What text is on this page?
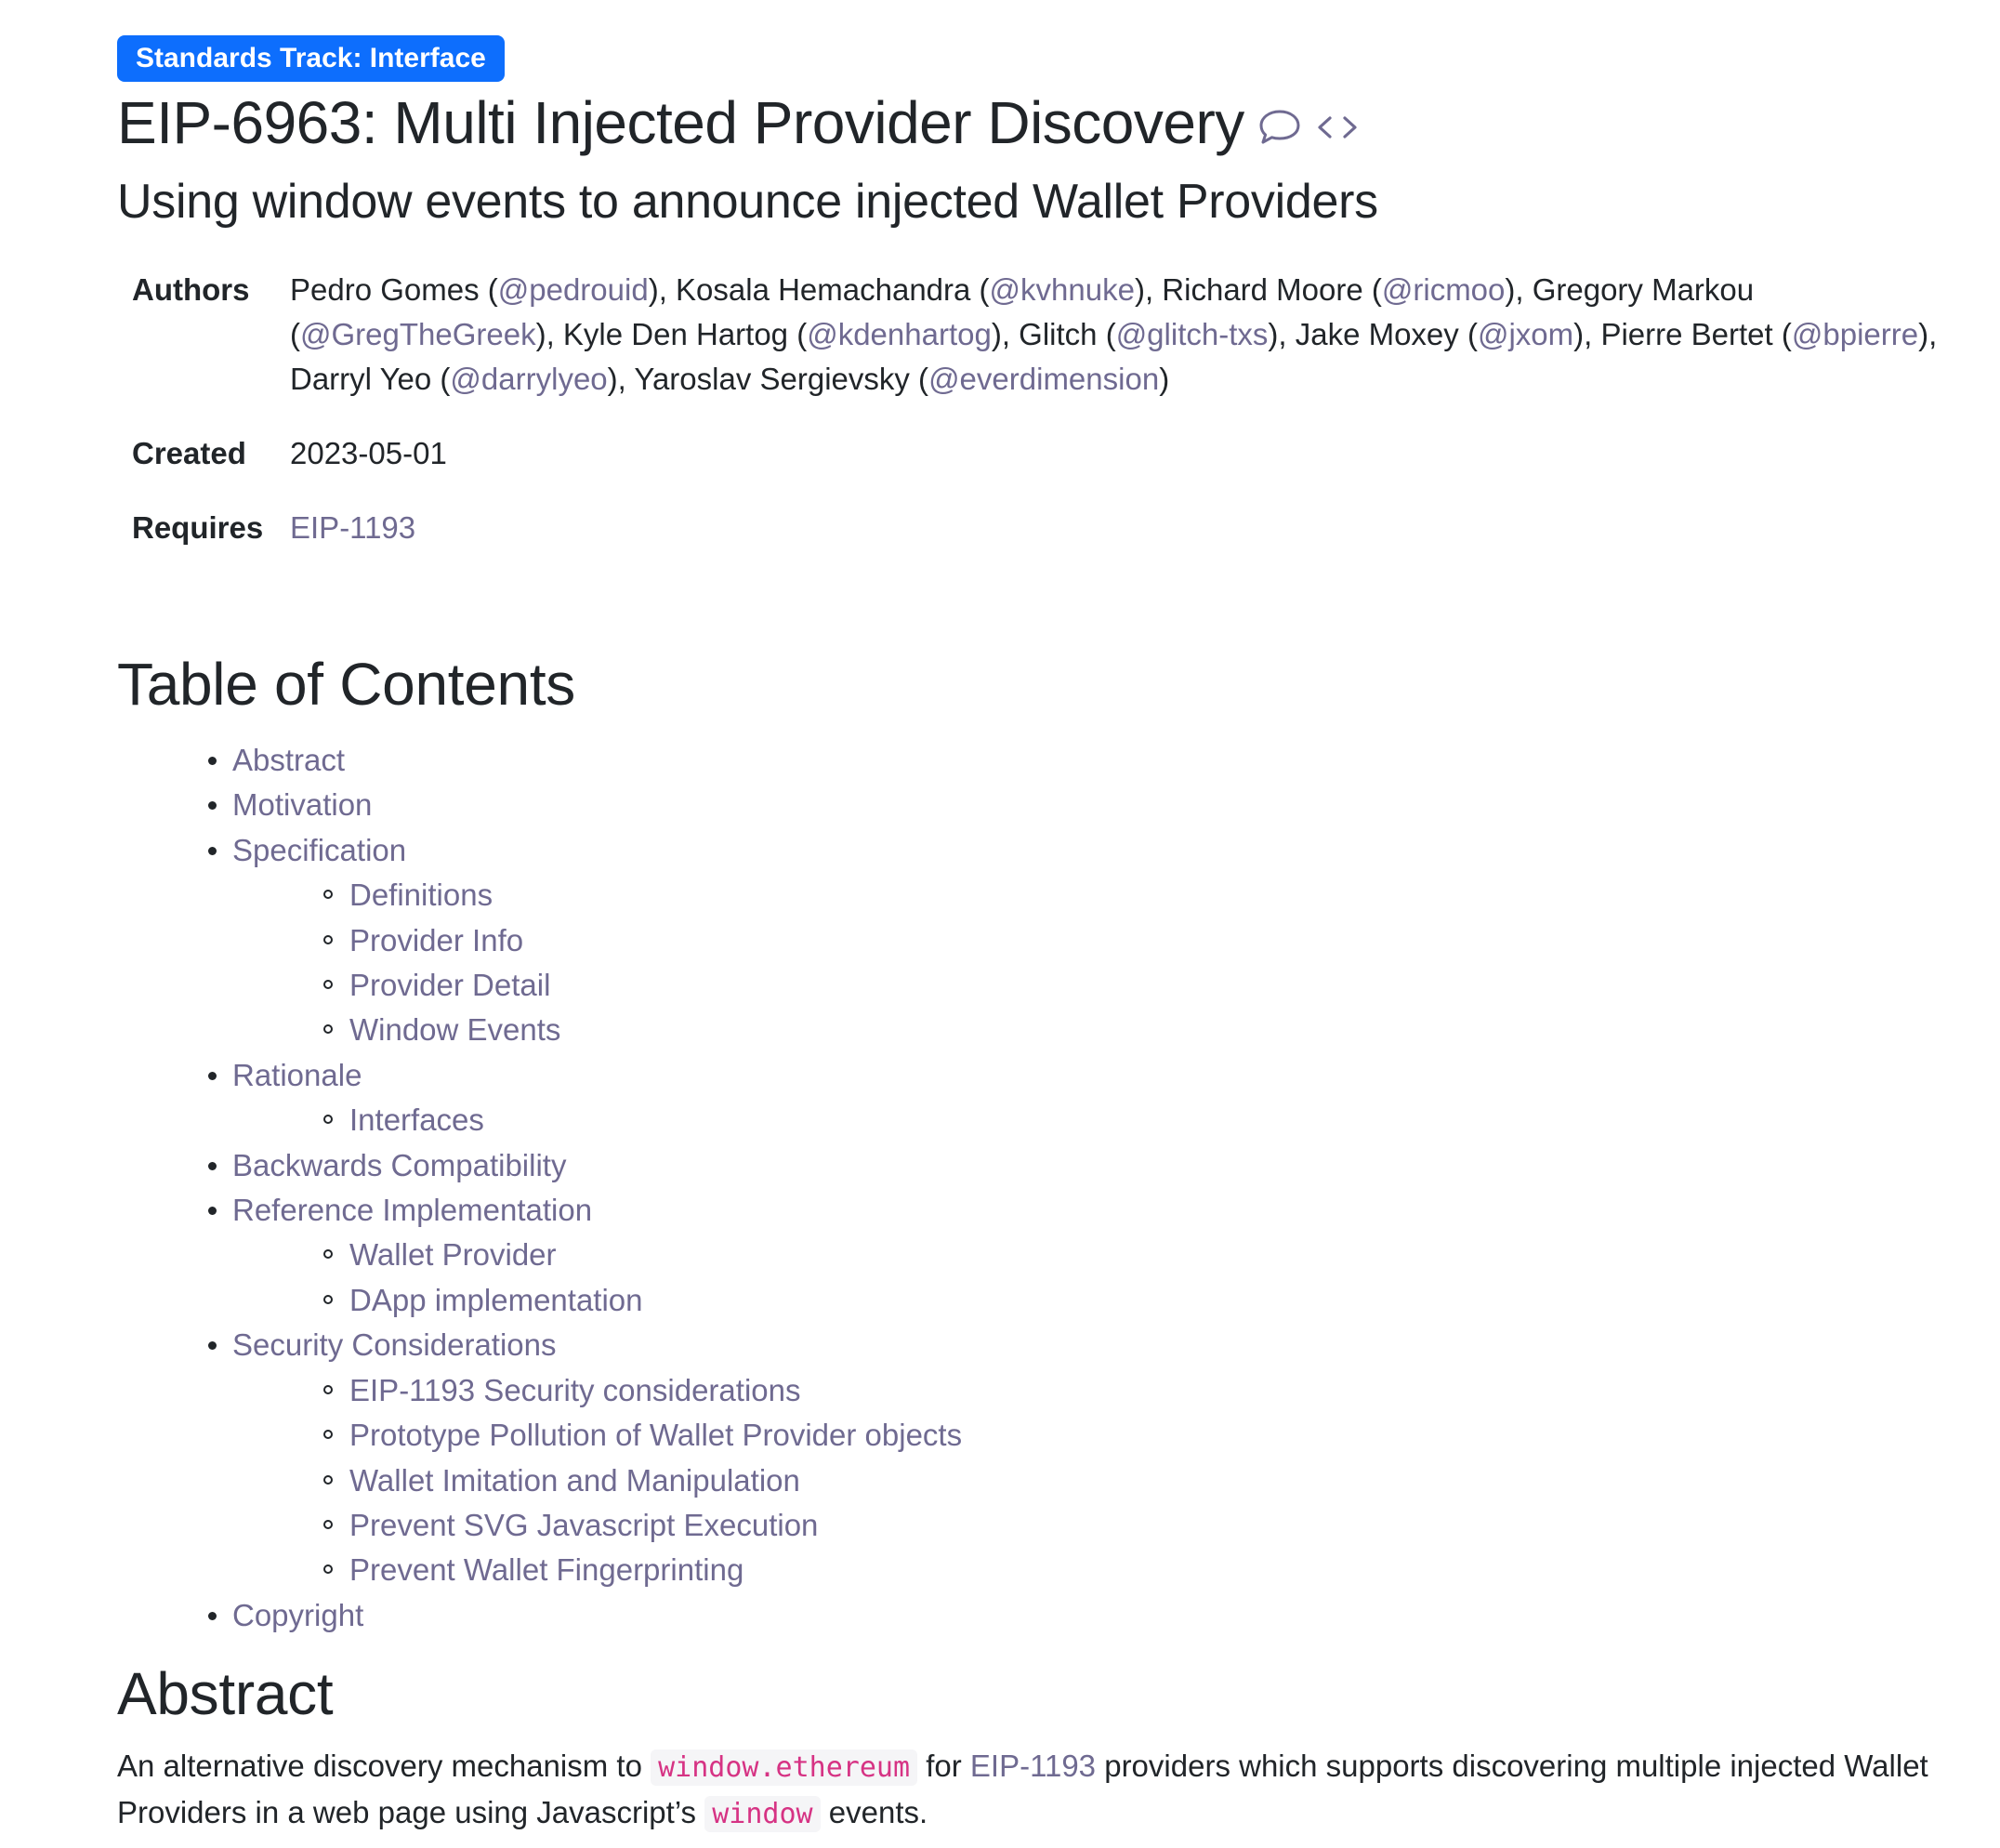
Standards Track: Interface
EIP-6963: Multi Injected Provider Discovery
Using window events to announce injected Wallet Providers
Authors	Pedro Gomes (@pedrouid), Kosala Hemachandra (@kvhnuke), Richard Moore (@ricmoo), Gregory Markou (@GregTheGreek), Kyle Den Hartog (@kdenhartog), Glitch (@glitch-txs), Jake Moxey (@jxom), Pierre Bertet (@bpierre), Darryl Yeo (@darrylyeo), Yaroslav Sergievsky (@everdimension)
Created	2023-05-01
Requires	EIP-1193
Table of Contents
Abstract
Motivation
Specification
Definitions
Provider Info
Provider Detail
Window Events
Rationale
Interfaces
Backwards Compatibility
Reference Implementation
Wallet Provider
DApp implementation
Security Considerations
EIP-1193 Security considerations
Prototype Pollution of Wallet Provider objects
Wallet Imitation and Manipulation
Prevent SVG Javascript Execution
Prevent Wallet Fingerprinting
Copyright
Abstract

An alternative discovery mechanism to window.ethereum for EIP-1193 providers which supports discovering multiple injected Wallet Providers in a web page using Javascript’s window events.
